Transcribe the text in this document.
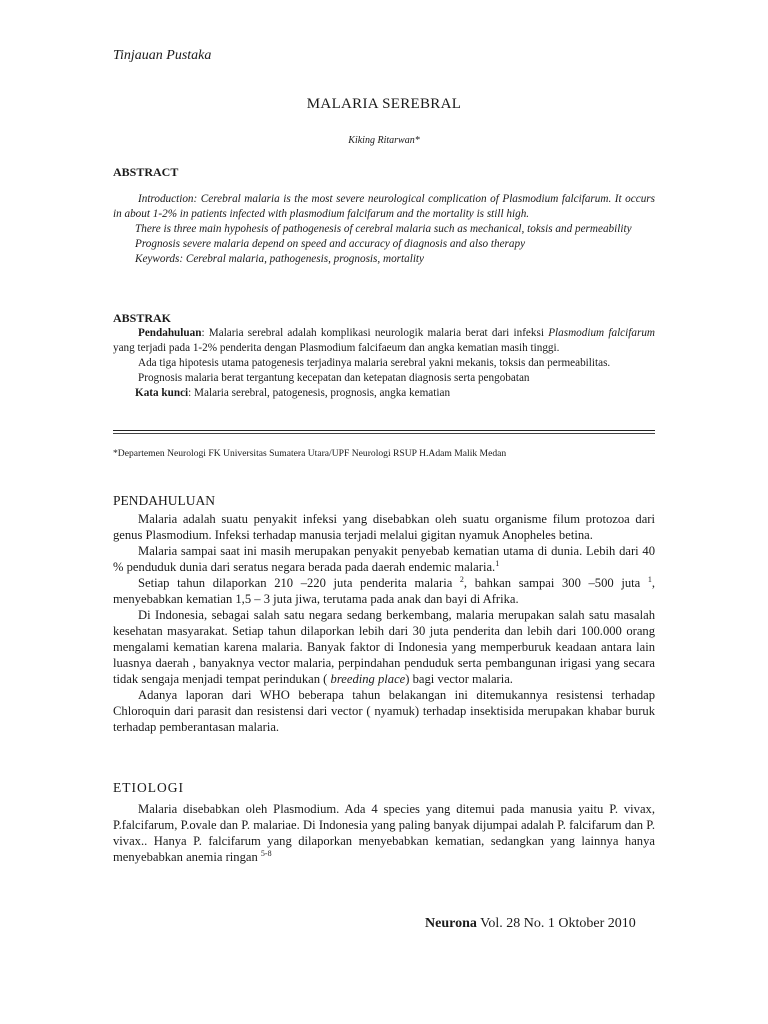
Tinjauan Pustaka
MALARIA SEREBRAL
Kiking Ritarwan*
ABSTRACT

Introduction: Cerebral malaria is the most severe neurological complication of Plasmodium falcifarum. It occurs in about 1-2% in patients infected with plasmodium falcifarum and the mortality is still high.

There is three main hypohesis of pathogenesis of cerebral malaria such as mechanical, toksis and permeability

Prognosis severe malaria depend on speed and accuracy of diagnosis and also therapy

Keywords: Cerebral malaria, pathogenesis, prognosis, mortality

ABSTRAK

Pendahuluan: Malaria serebral adalah komplikasi neurologik malaria berat dari infeksi Plasmodium falcifarum yang terjadi pada 1-2% penderita dengan Plasmodium falcifaeum dan angka kematian masih tinggi.

Ada tiga hipotesis utama patogenesis terjadinya malaria serebral yakni mekanis, toksis dan permeabilitas.

Prognosis malaria berat tergantung kecepatan dan ketepatan diagnosis serta pengobatan

Kata kunci: Malaria serebral, patogenesis, prognosis, angka kematian

*Departemen Neurologi FK Universitas Sumatera Utara/UPF Neurologi RSUP H.Adam Malik Medan
PENDAHULUAN

Malaria adalah suatu penyakit infeksi yang disebabkan oleh suatu organisme filum protozoa dari genus Plasmodium. Infeksi terhadap manusia terjadi melalui gigitan nyamuk Anopheles betina.

Malaria sampai saat ini masih merupakan penyakit penyebab kematian utama di dunia. Lebih dari 40 % penduduk dunia dari seratus negara berada pada daerah endemic malaria.$^1$

Setiap tahun dilaporkan 210 –220 juta penderita malaria $^2$, bahkan sampai 300 –500 juta $^1$, menyebabkan kematian 1,5 – 3 juta jiwa, terutama pada anak dan bayi di Afrika.

Di Indonesia, sebagai salah satu negara sedang berkembang, malaria merupakan salah satu masalah kesehatan masyarakat. Setiap tahun dilaporkan lebih dari 30 juta penderita dan lebih dari 100.000 orang mengalami kematian karena malaria. Banyak faktor di Indonesia yang memperburuk keadaan antara lain luasnya daerah , banyaknya vector malaria, perpindahan penduduk serta pembangunan irigasi yang secara tidak sengaja menjadi tempat perindukan ( breeding place) bagi vector malaria.

Adanya laporan dari WHO beberapa tahun belakangan ini ditemukannya resistensi terhadap Chloroquin dari parasit dan resistensi dari vector ( nyamuk) terhadap insektisida merupakan khabar buruk terhadap pemberantasan malaria.

ETIOLOGI

Malaria disebabkan oleh Plasmodium. Ada 4 species yang ditemui pada manusia yaitu P. vivax, P.falcifarum, P.ovale dan P. malariae. Di Indonesia yang paling banyak dijumpai adalah P. falcifarum dan P. vivax.. Hanya P. falcifarum yang dilaporkan menyebabkan kematian, sedangkan yang lainnya hanya menyebabkan anemia ringan $^{5-8}$

Neurona Vol. 28 No. 1 Oktober 2010
